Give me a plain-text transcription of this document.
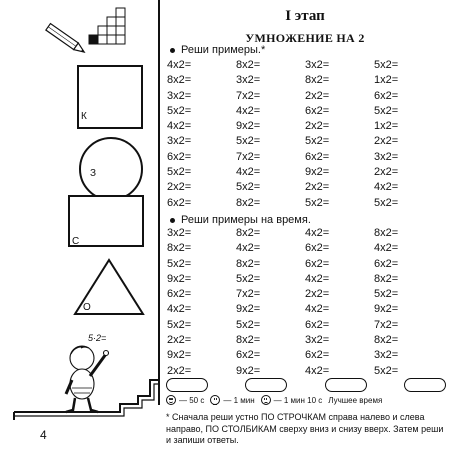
К
З
С
О
5·2=
I этап
УМНОЖЕНИЕ НА 2
Реши примеры.*
4x2=	8x2=	3x2=	5x2=
8x2=	3x2=	8x2=	1x2=
3x2=	7x2=	2x2=	6x2=
5x2=	4x2=	6x2=	5x2=
4x2=	9x2=	2x2=	1x2=
3x2=	5x2=	5x2=	2x2=
6x2=	7x2=	6x2=	3x2=
5x2=	4x2=	9x2=	2x2=
2x2=	5x2=	2x2=	4x2=
6x2=	8x2=	5x2=	5x2=
Реши примеры на время.
3x2=	8x2=	4x2=	8x2=
8x2=	4x2=	6x2=	4x2=
5x2=	8x2=	6x2=	6x2=
9x2=	5x2=	4x2=	8x2=
6x2=	7x2=	2x2=	5x2=
4x2=	9x2=	4x2=	9x2=
5x2=	5x2=	6x2=	7x2=
2x2=	8x2=	3x2=	8x2=
9x2=	6x2=	6x2=	3x2=
2x2=	9x2=	4x2=	5x2=
— 50 с — 1 мин — 1 мин 10 с Лучшее время
* Сначала реши устно ПО СТРОЧКАМ справа налево и слева направо, ПО СТОЛБИКАМ сверху вниз и снизу вверх. Затем реши и запиши ответы.
4
